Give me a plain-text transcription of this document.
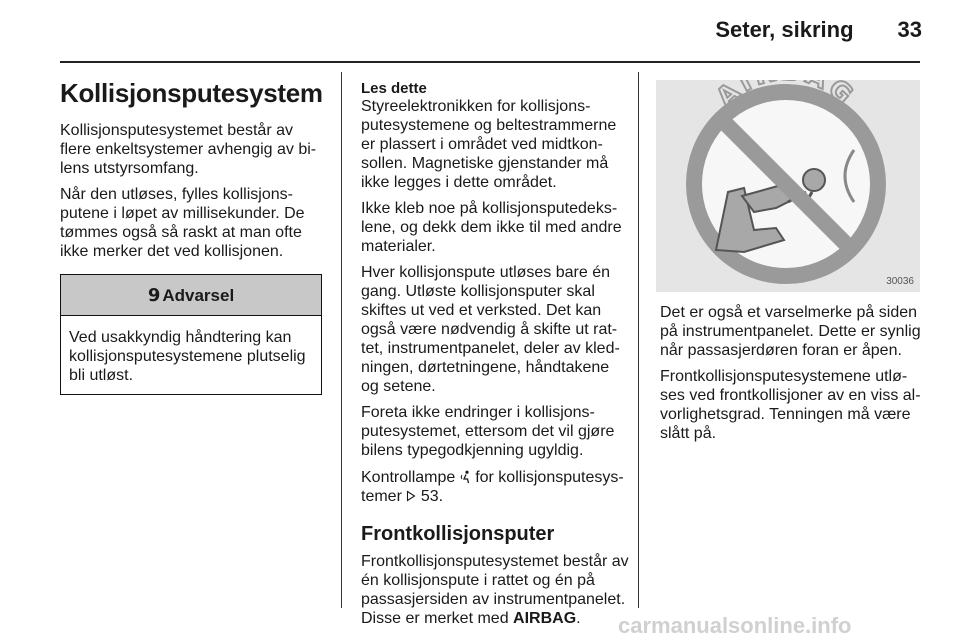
Seter, sikring 33
Kollisjonsputesystem

Kollisjonsputesystemet består av flere enkeltsystemer avhengig av bi-lens utstyrsomfang.

Når den utløses, fylles kollisjons-putene i løpet av millisekunder. De tømmes også så raskt at man ofte ikke merker det ved kollisjonen.

9 Advarsel
Ved usakkyndig håndtering kan kollisjonsputesystemene plutselig bli utløst.
Les dette

Styreelektronikken for kollisjons-putesystemene og beltestrammerne er plassert i området ved midtkon-sollen. Magnetiske gjenstander må ikke legges i dette området.

Ikke kleb noe på kollisjonsputedeks-lene, og dekk dem ikke til med andre materialer.

Hver kollisjonspute utløses bare én gang. Utløste kollisjonsputer skal skiftes ut ved et verksted. Det kan også være nødvendig å skifte ut rat-tet, instrumentpanelet, deler av kled-ningen, dørtetningene, håndtakene og setene.

Foreta ikke endringer i kollisjons-putesystemet, ettersom det vil gjøre bilens typegodkjenning ugyldig.

Kontrollampe for kollisjonsputesys-temer 53.

Frontkollisjonsputer

Frontkollisjonsputesystemet består av én kollisjonspute i rattet og én på passasjersiden av instrumentpanelet. Disse er merket med AIRBAG.

AI G
30036

Det er også et varselmerke på siden på instrumentpanelet. Dette er synlig når passasjerdøren foran er åpen.

Frontkollisjonsputesystemene utlø-ses ved frontkollisjoner av en viss al-vorlighetsgrad. Tenningen må være slått på.

carmanualsonline.info
